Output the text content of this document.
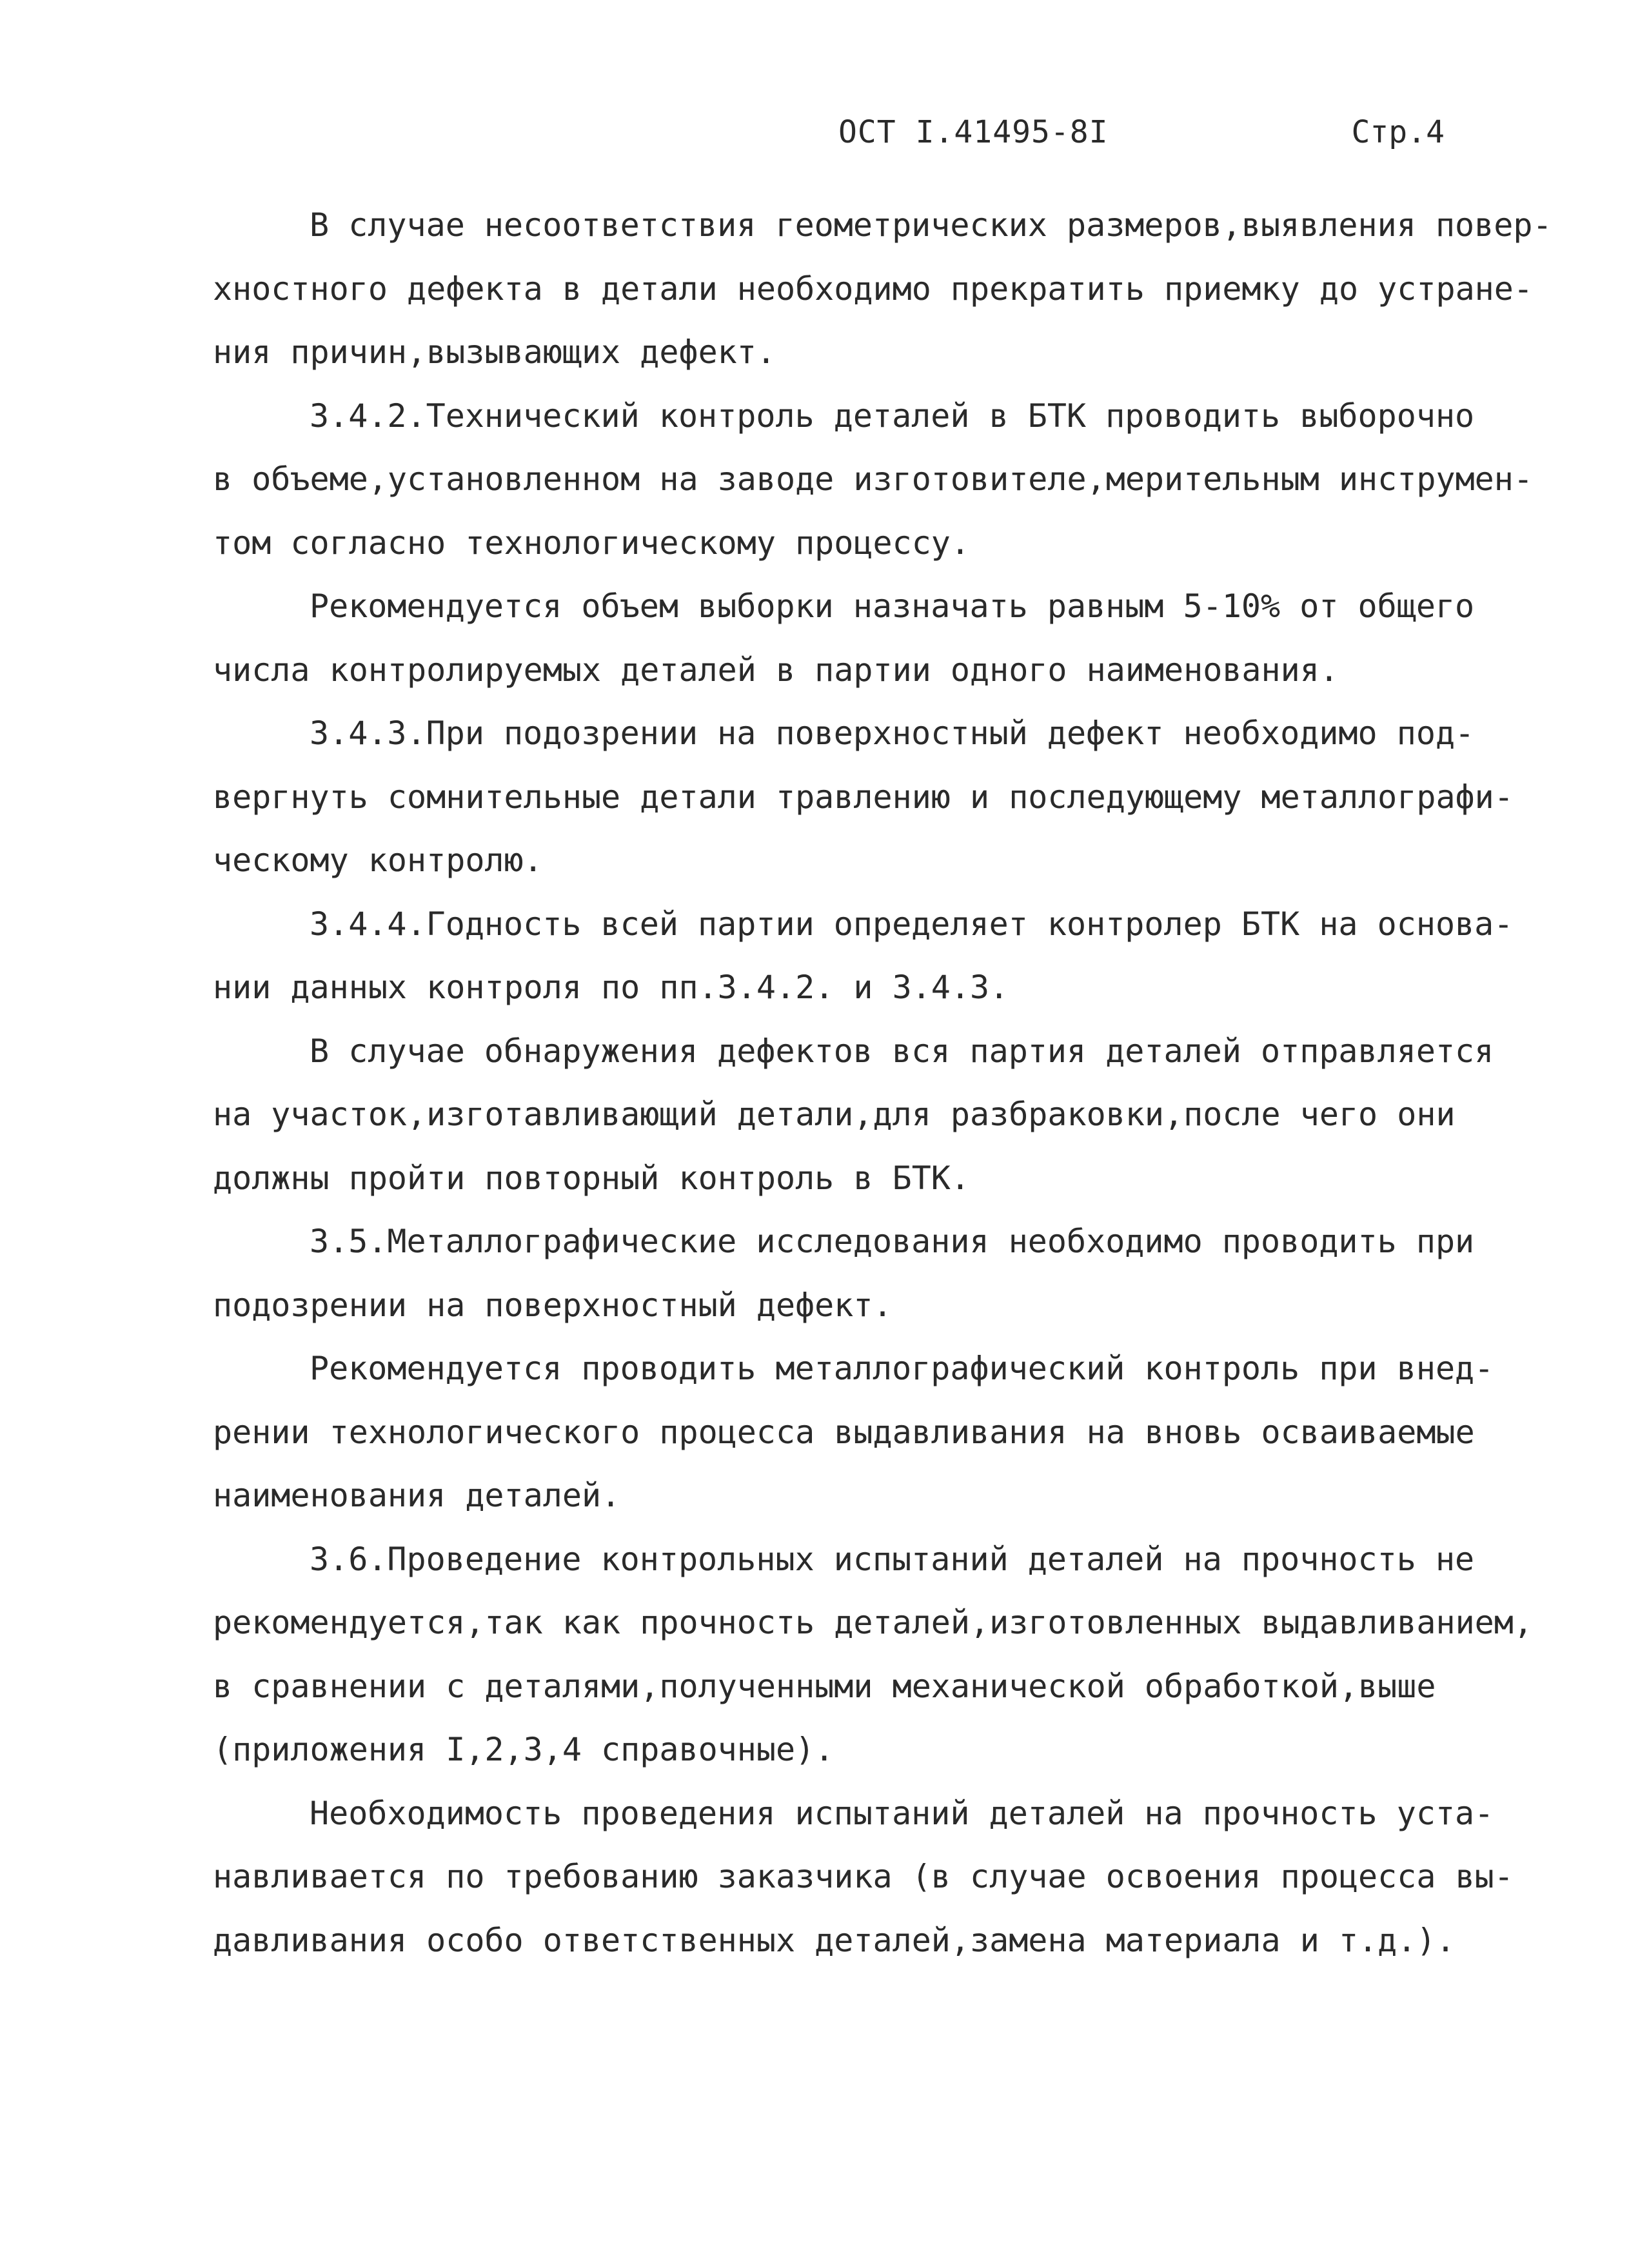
ОСТ I.41495-8I	Стр.4

В случае несоответствия геометрических размеров,выявления повер-
хностного дефекта в детали необходимо прекратить приемку до устране-
ния причин,вызывающих дефект.

3.4.2.Технический контроль деталей в БТК проводить выборочно
в объеме,установленном на заводе изготовителе,мерительным инструмен-
том согласно технологическому процессу.

Рекомендуется объем выборки назначать равным 5-10% от общего
числа контролируемых деталей в партии одного наименования.

3.4.3.При подозрении на поверхностный дефект необходимо под-
вергнуть сомнительные детали травлению и последующему металлографи-
ческому контролю.

3.4.4.Годность всей партии определяет контролер БТК на основа-
нии данных контроля по пп.3.4.2. и 3.4.3.

В случае обнаружения дефектов вся партия деталей отправляется
на участок,изготавливающий детали,для разбраковки,после чего они
должны пройти повторный контроль в БТК.

3.5.Металлографические исследования необходимо проводить при
подозрении на поверхностный дефект.

Рекомендуется проводить металлографический контроль при внед-
рении технологического процесса выдавливания на вновь осваиваемые
наименования деталей.

3.6.Проведение контрольных испытаний деталей на прочность не
рекомендуется,так как прочность деталей,изготовленных выдавливанием,
в сравнении с деталями,полученными механической обработкой,выше
(приложения I,2,3,4 справочные).

Необходимость проведения испытаний деталей на прочность уста-
навливается по требованию заказчика (в случае освоения процесса вы-
давливания особо ответственных деталей,замена материала и т.д.).
